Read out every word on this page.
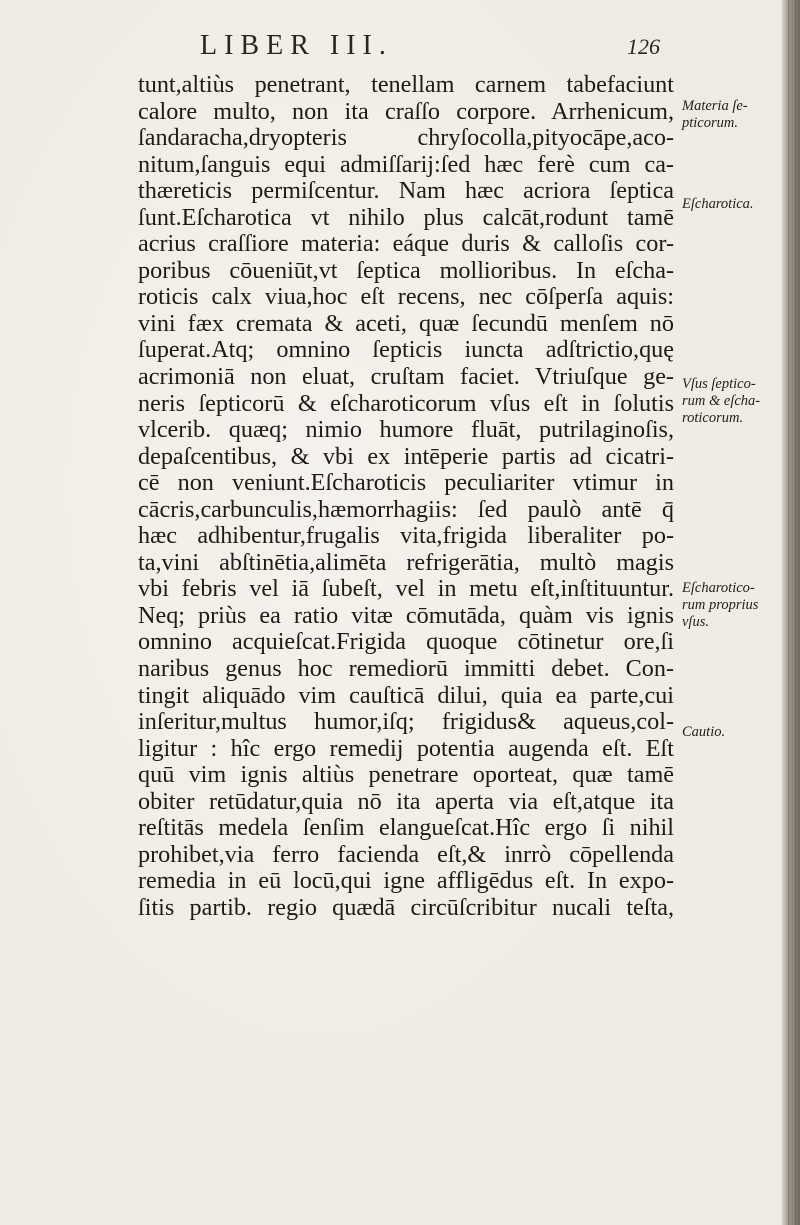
LIBER III.	126
tunt,altiùs penetrant, tenellam carnem tabefaciunt
calore multo, non ita craſſo corpore. Arrhenicum,
ſandaracha,dryopteris chryſocolla,pityocāpe,aco-
nitum,ſanguis equi admiſſarij:ſed hæc ferè cum ca-
thæreticis permiſcentur. Nam hæc acriora ſeptica
ſunt.Eſcharotica vt nihilo plus calcāt,rodunt tamē
acrius craſſiore materia: eáque duris & calloſis cor-
poribus cōueniūt,vt ſeptica mollioribus. In eſcha-
roticis calx viua,hoc eſt recens, nec cōſperſa aquis:
vini fæx cremata & aceti, quæ ſecundū menſem nō
ſuperat.Atq; omnino ſepticis iuncta adſtrictio,quę
acrimoniā non eluat, cruſtam faciet. Vtriuſque ge-
neris ſepticorū & eſcharoticorum vſus eſt in ſolutis
vlcerib. quæq; nimio humore fluāt, putrilaginoſis,
depaſcentibus, & vbi ex intēperie partis ad cicatri-
cē non veniunt.Eſcharoticis peculiariter vtimur in
cācris,carbunculis,hæmorrhagiis: ſed paulò antē q̄
hæc adhibentur,frugalis vita,frigida liberaliter po-
ta,vini abſtinētia,alimēta refrigerātia, multò magis
vbi febris vel iā ſubeſt, vel in metu eſt,inſtituuntur.
Neq; priùs ea ratio vitæ cōmutāda, quàm vis ignis
omnino acquieſcat.Frigida quoque cōtinetur ore,ſi
naribus genus hoc remediorū immitti debet. Con-
tingit aliquādo vim cauſticā dilui, quia ea parte,cui
inſeritur,multus humor,iſq; frigidus& aqueus,col-
ligitur : hîc ergo remedij potentia augenda eſt. Eſt
quū vim ignis altiùs penetrare oporteat, quæ tamē
obiter retūdatur,quia nō ita aperta via eſt,atque ita
reſtitās medela ſenſim elangueſcat.Hîc ergo ſi nihil
prohibet,via ferro facienda eſt,& inrrò cōpellenda
remedia in eū locū,qui igne affligēdus eſt. In expo-
ſitis partib. regio quædā circūſcribitur nucali teſta,
Materia ſe-
pticorum.
Eſcharotica.
Vſus ſeptico-
rum & eſcha-
roticorum.
Eſcharotico-
rum proprius
vſus.
Cautio.
